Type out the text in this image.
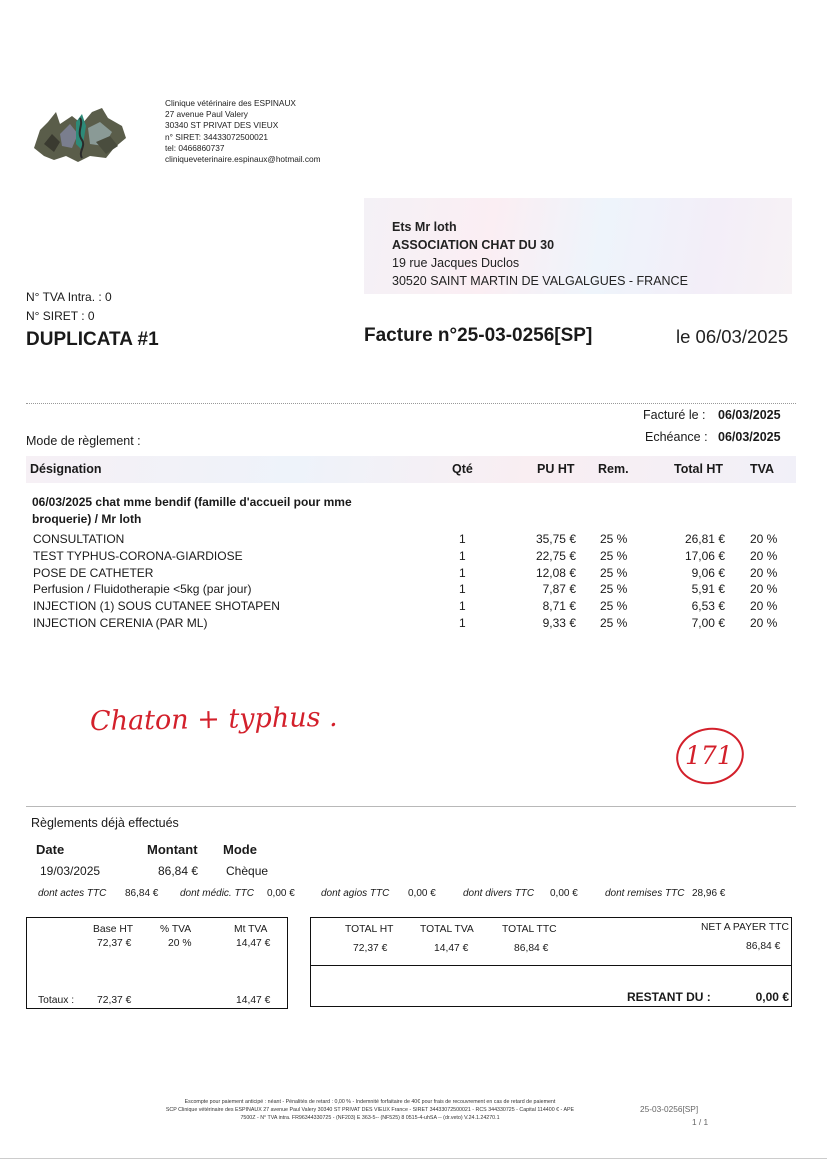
Clinique vétérinaire des ESPINAUX
27 avenue Paul Valery
30340 ST PRIVAT DES VIEUX
n° SIRET: 34433072500021
tel: 0466860737
cliniqueveterinaire.espinaux@hotmail.com
Ets Mr loth
ASSOCIATION CHAT DU 30
19 rue Jacques Duclos
30520 SAINT MARTIN DE VALGALGUES - FRANCE
N° TVA Intra. : 0
N° SIRET : 0
DUPLICATA #1	Facture n°25-03-0256[SP]	le 06/03/2025
Facturé le : 06/03/2025
Mode de règlement :	Echéance : 06/03/2025
Désignation	Qté	PU HT Rem.	Total HT TVA
06/03/2025 chat mme bendif (famille d'accueil pour mme broquerie) / Mr loth
CONSULTATION	1	35,75 € 25 %	26,81 € 20 %
TEST TYPHUS-CORONA-GIARDIOSE	1	22,75 € 25 %	17,06 € 20 %
POSE DE CATHETER	1	12,08 € 25 %	9,06 € 20 %
Perfusion / Fluidotherapie <5kg (par jour)	1	7,87 € 25 %	5,91 € 20 %
INJECTION (1) SOUS CUTANEE SHOTAPEN	1	8,71 € 25 %	6,53 € 20 %
INJECTION CERENIA (PAR ML)	1	9,33 € 25 %	7,00 € 20 %
Chaton + typhus .
171
Règlements déjà effectués
Date	Montant Mode
19/03/2025	86,84 € Chèque
dont actes TTC 86,84 € dont médic. TTC 0,00 €	dont agios TTC 0,00 €	dont divers TTC 0,00 €	dont remises TTC 28,96 €
Base HT	% TVA	Mt TVA
72,37 €	20 %	14,47 €
Totaux : 72,37 €	14,47 €
TOTAL HT	TOTAL TVA	TOTAL TTC	NET A PAYER TTC
72,37 €	14,47 €	86,84 €	86,84 €
RESTANT DU :	0,00 €
Escompte pour paiement anticipé : néant - Pénalités de retard : 0,00 % - Indemnité forfaitaire de 40€ pour frais de recouvrement en cas de retard de paiement
SCP Clinique vétérinaire des ESPINAUX 27 avenue Paul Valery 30340 ST PRIVAT DES VIEUX France - SIRET 34433072500021 - RCS 344330725 - Capital 114400 € - APE
7500Z - N° TVA intra. FR96344330725 - (NF203) E 363-5-- (NF525) 8 0515-4-uhSA -- (dr.veto) V.24.1.24270.1
25-03-0256[SP]
1 / 1
